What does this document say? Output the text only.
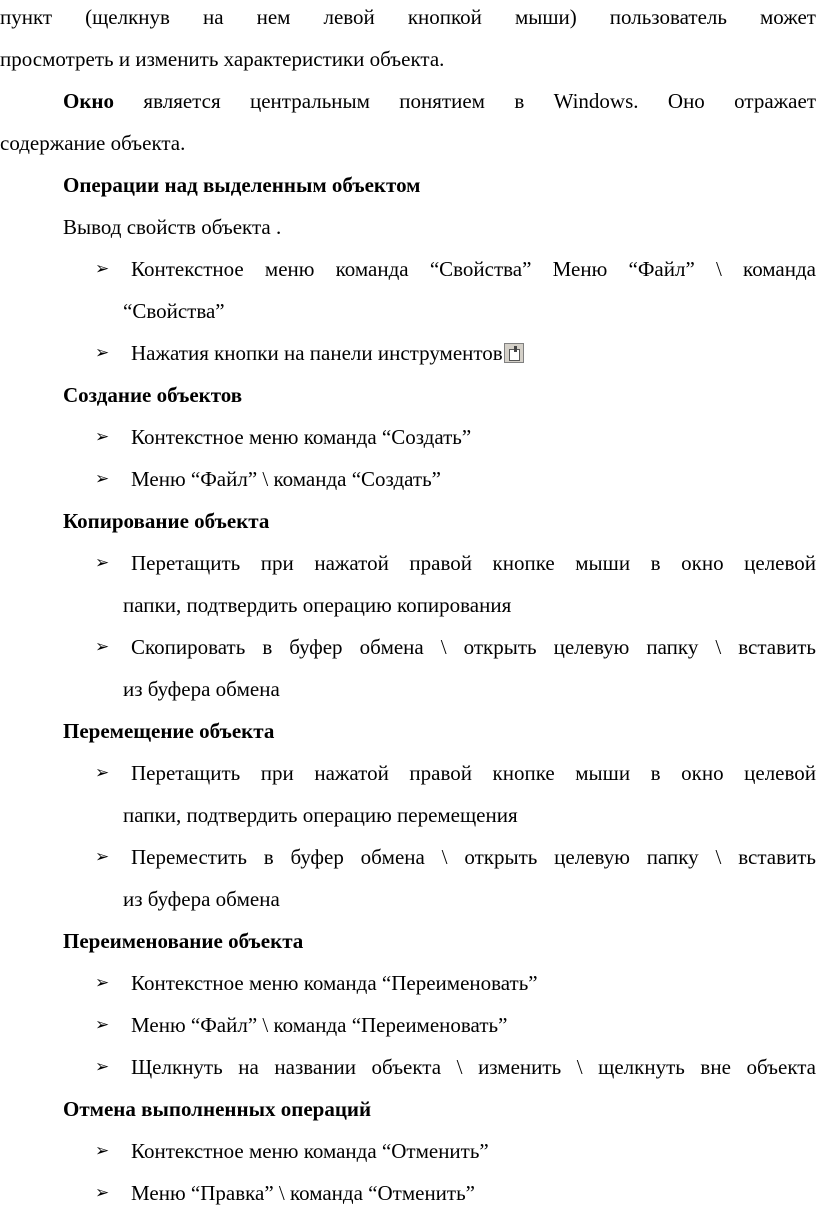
пункт (щелкнув на нем левой кнопкой мыши) пользователь может
просмотреть и изменить характеристики объекта.
Окно является центральным понятием в Windows. Оно отражает
содержание объекта.
Операции над выделенным объектом
Вывод свойств объекта .
➢ Контекстное меню команда “Свойства” Меню “Файл” \ команда
“Свойства”
➢ Нажатия кнопки на панели инструментов
Создание объектов
➢ Контекстное меню команда “Создать”
➢ Меню “Файл” \ команда “Создать”
Копирование объекта
➢ Перетащить при нажатой правой кнопке мыши в окно целевой
папки, подтвердить операцию копирования
➢ Скопировать в буфер обмена \ открыть целевую папку \ вставить
из буфера обмена
Перемещение объекта
➢ Перетащить при нажатой правой кнопке мыши в окно целевой
папки, подтвердить операцию перемещения
➢ Переместить в буфер обмена \ открыть целевую папку \ вставить
из буфера обмена
Переименование объекта
➢ Контекстное меню команда “Переименовать”
➢ Меню “Файл” \ команда “Переименовать”
➢ Щелкнуть на названии объекта \ изменить \ щелкнуть вне объекта
Отмена выполненных операций
➢ Контекстное меню команда “Отменить”
➢ Меню “Правка” \ команда “Отменить”
